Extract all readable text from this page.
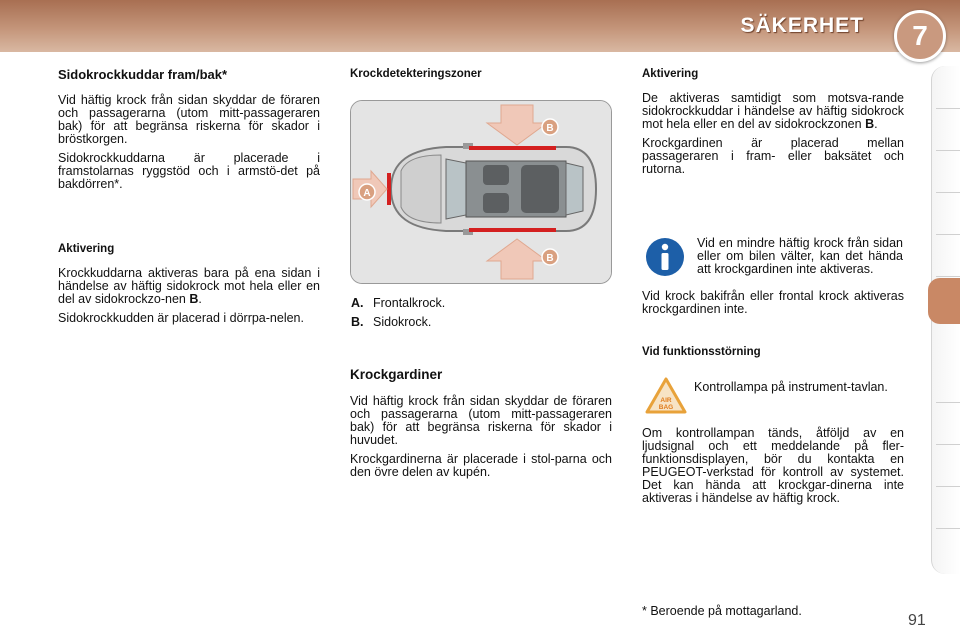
SÄKERHET	7
Sidokrockkuddar fram/bak*

Vid häftig krock från sidan skyddar de föraren och passagerarna (utom mitt-passageraren bak) för att begränsa riskerna för skador i bröstkorgen.

Sidokrockkuddarna är placerade i framstolarnas ryggstöd och i armstö-det på bakdörren*.

Aktivering

Krockkuddarna aktiveras bara på ena sidan i händelse av häftig sidokrock mot hela eller en del av sidokrockzo-nen B.

Sidokrockkudden är placerad i dörrpa-nelen.

Krockdetekteringszoner
B
B
A
A. Frontalkrock.
B. Sidokrock.
Krockgardiner

Vid häftig krock från sidan skyddar de föraren och passagerarna (utom mitt-passageraren bak) för att begränsa riskerna för skador i huvudet.

Krockgardinerna är placerade i stol-parna och den övre delen av kupén.

Aktivering

De aktiveras samtidigt som motsva-rande sidokrockkuddar i händelse av häftig sidokrock mot hela eller en del av sidokrockzonen B.

Krockgardinen är placerad mellan passageraren i fram- eller baksätet och rutorna.

Vid en mindre häftig krock från sidan eller om bilen välter, kan det hända att krockgardinen inte aktiveras.

Vid krock bakifrån eller frontal krock aktiveras krockgardinen inte.

Vid funktionsstörning
AIR
BAG

Kontrollampa på instrument-tavlan.

Om kontrollampan tänds, åtföljd av en ljudsignal och ett meddelande på fler-funktionsdisplayen, bör du kontakta en PEUGEOT-verkstad för kontroll av systemet. Det kan hända att krockgar-dinerna inte aktiveras i händelse av häftig krock.

* Beroende på mottagarland.
91
